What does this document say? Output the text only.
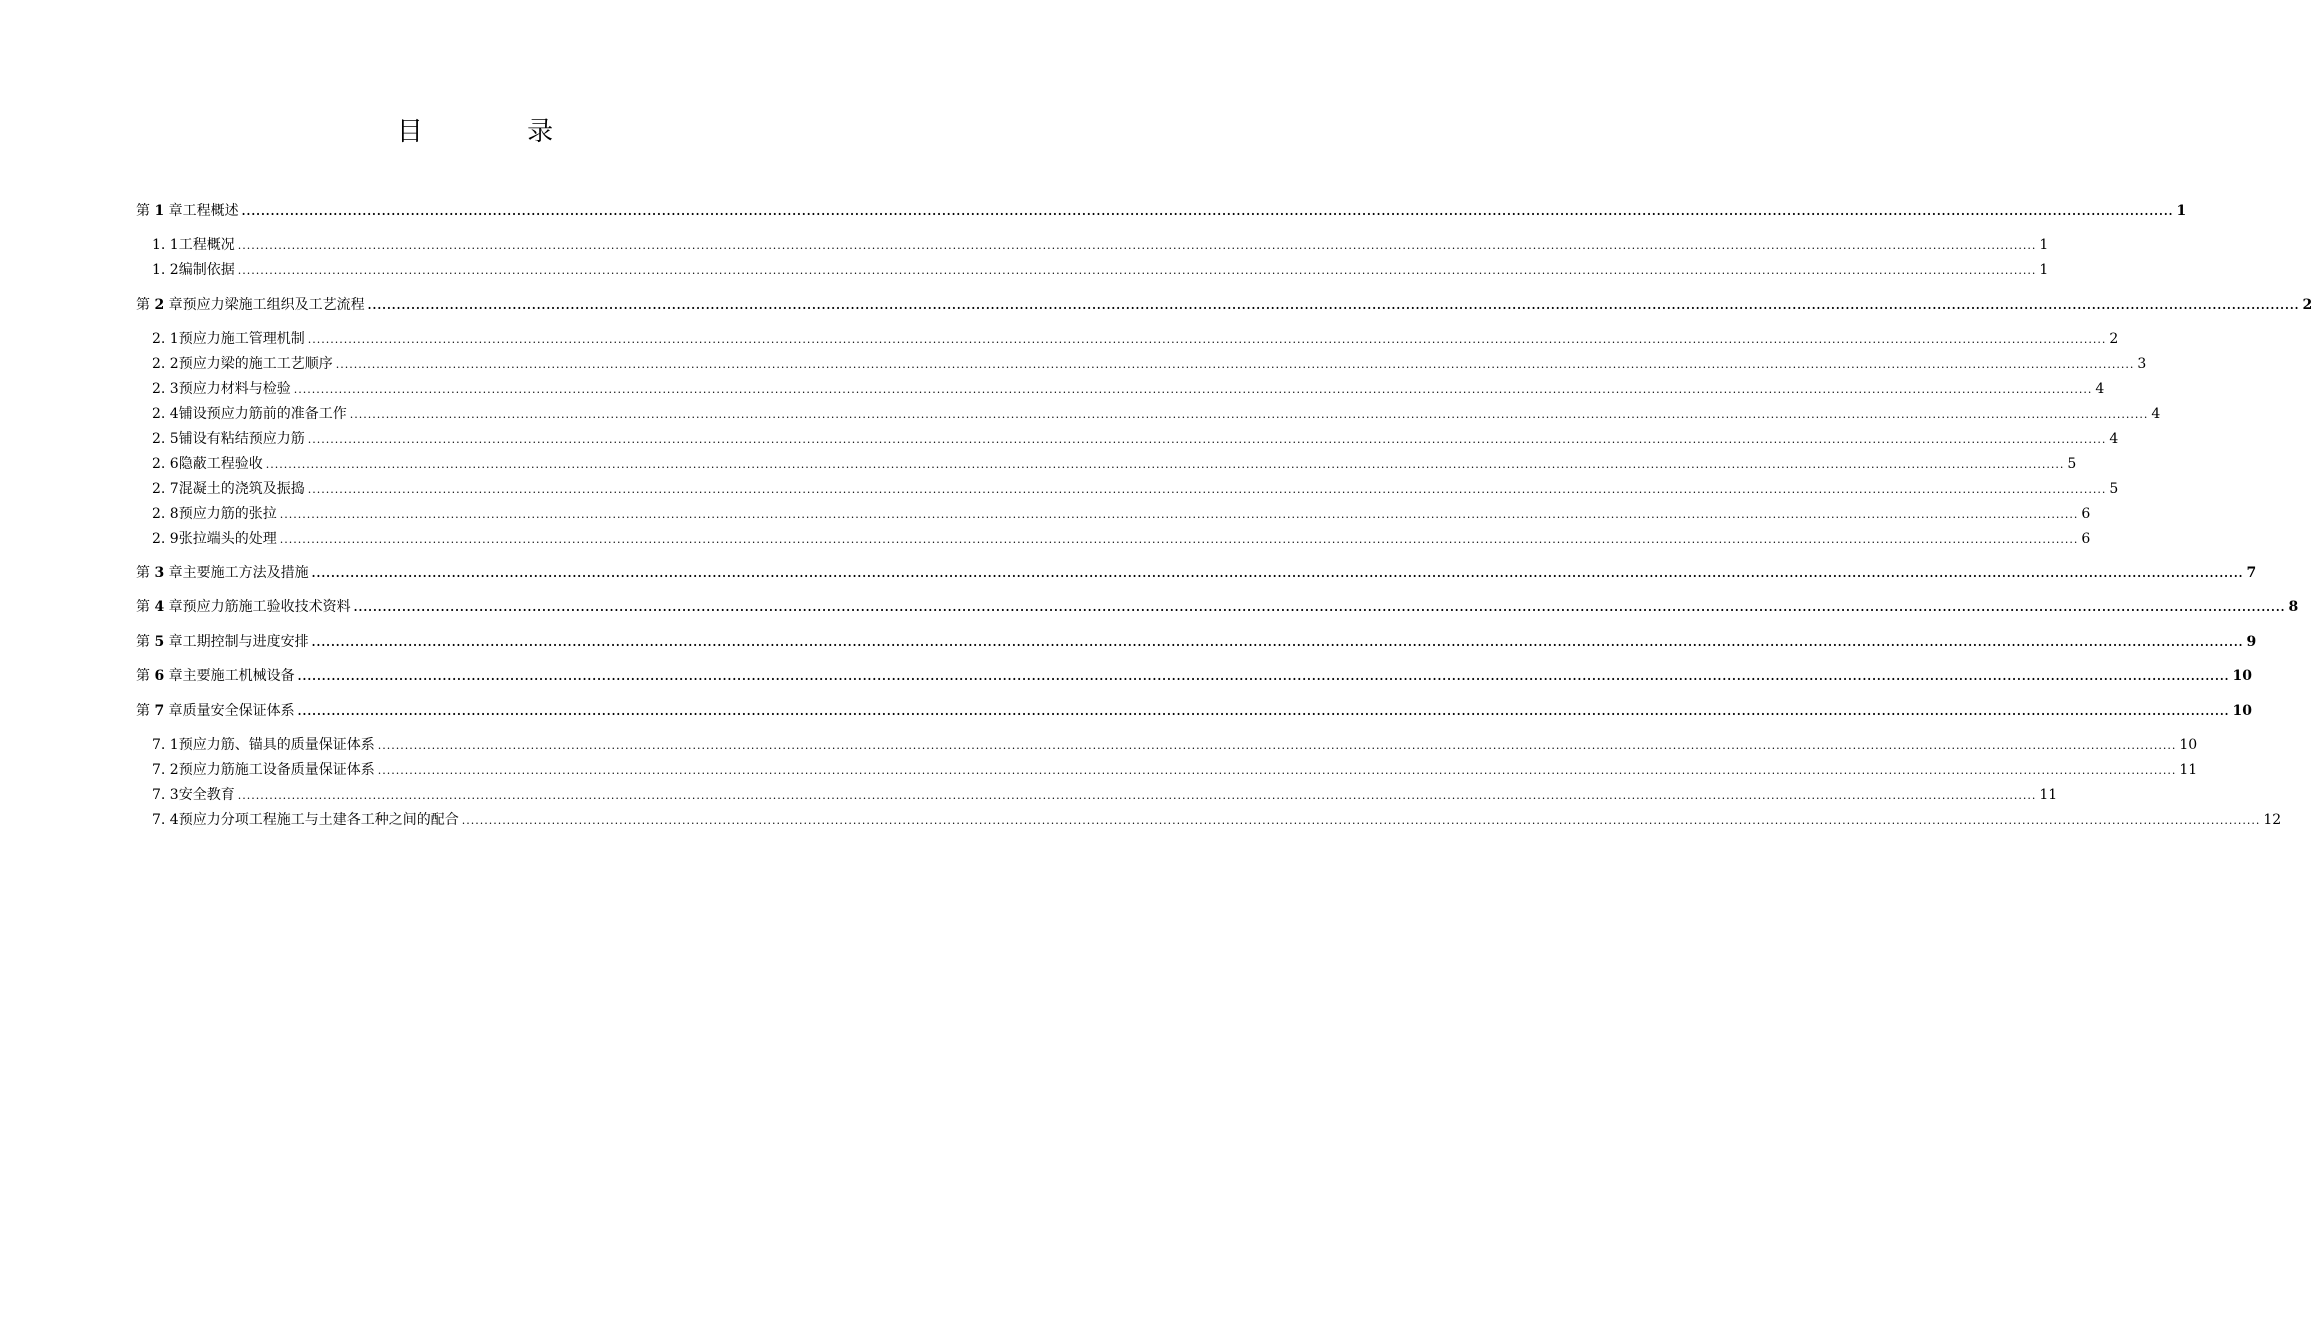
目 录
第 1 章 工程概述 ................................................................................................................................................................................................................................................................................................................................................................................................................ 1
1. 1 工程概况 ................................................................................................................................................................................................................................................................................................................................................................................................................ 1
1. 2 编制依据 ................................................................................................................................................................................................................................................................................................................................................................................................................ 1
第 2 章 预应力梁施工组织及工艺流程 ................................................................................................................................................................................................................................................................................................................................................................................................................ 2
2. 1 预应力施工管理机制 ................................................................................................................................................................................................................................................................................................................................................................................................................ 2
2. 2 预应力梁的施工工艺顺序 ................................................................................................................................................................................................................................................................................................................................................................................................................ 3
2. 3 预应力材料与检验 ................................................................................................................................................................................................................................................................................................................................................................................................................ 4
2. 4 铺设预应力筋前的准备工作 ................................................................................................................................................................................................................................................................................................................................................................................................................ 4
2. 5 铺设有粘结预应力筋 ................................................................................................................................................................................................................................................................................................................................................................................................................ 4
2. 6 隐蔽工程验收 ................................................................................................................................................................................................................................................................................................................................................................................................................ 5
2. 7 混凝土的浇筑及振捣 ................................................................................................................................................................................................................................................................................................................................................................................................................ 5
2. 8 预应力筋的张拉 ................................................................................................................................................................................................................................................................................................................................................................................................................ 6
2. 9 张拉端头的处理 ................................................................................................................................................................................................................................................................................................................................................................................................................ 6
第 3 章 主要施工方法及措施 ................................................................................................................................................................................................................................................................................................................................................................................................................ 7
第 4 章 预应力筋施工验收技术资料 ................................................................................................................................................................................................................................................................................................................................................................................................................ 8
第 5 章 工期控制与进度安排 ................................................................................................................................................................................................................................................................................................................................................................................................................ 9
第 6 章 主要施工机械设备 ................................................................................................................................................................................................................................................................................................................................................................................................................ 10
第 7 章 质量安全保证体系 ................................................................................................................................................................................................................................................................................................................................................................................................................ 10
7. 1 预应力筋、锚具的质量保证体系 ................................................................................................................................................................................................................................................................................................................................................................................................................ 10
7. 2 预应力筋施工设备质量保证体系 ................................................................................................................................................................................................................................................................................................................................................................................................................ 11
7. 3 安全教育 ................................................................................................................................................................................................................................................................................................................................................................................................................ 11
7. 4 预应力分项工程施工与土建各工种之间的配合 ................................................................................................................................................................................................................................................................................................................................................................................................................ 12
